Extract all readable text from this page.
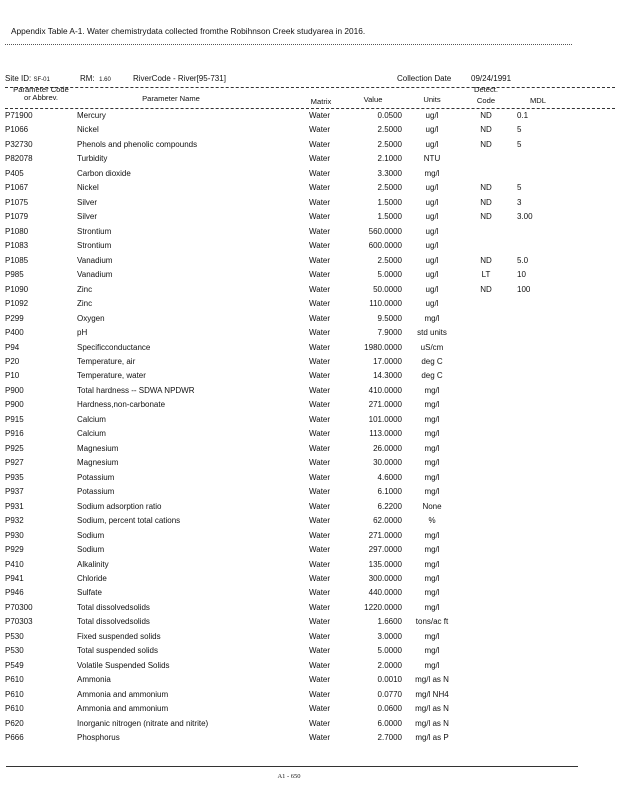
Appendix Table A-1. Water chemistrydata collected fromthe Robihnson Creek studyarea in 2016.
Site ID: SF-01	RM: 1.60	RiverCode - River[95-731]	Collection Date 09/24/1991
Parameter Code
or Abbrev.	Parameter Name	Matrix	Value	Units
Detect.
Code	MDL
P71900	Mercury	Water	0.0500	ug/l	ND	0.1
P1066	Nickel	Water	2.5000	ug/l	ND	5
P32730	Phenols and phenolic compounds	Water	2.5000	ug/l	ND	5
P82078	Turbidity	Water	2.1000	NTU
P405	Carbon dioxide	Water	3.3000	mg/l
P1067	Nickel	Water	2.5000	ug/l	ND	5
P1075	Silver	Water	1.5000	ug/l	ND	3
P1079	Silver	Water	1.5000	ug/l	ND	3.00
P1080	Strontium	Water	560.0000	ug/l
P1083	Strontium	Water	600.0000	ug/l
P1085	Vanadium	Water	2.5000	ug/l	ND	5.0
P985	Vanadium	Water	5.0000	ug/l	LT	10
P1090	Zinc	Water	50.0000	ug/l	ND	100
P1092	Zinc	Water	110.0000	ug/l
P299	Oxygen	Water	9.5000	mg/l
P400	pH	Water	7.9000 std units
P94	Specificconductance	Water	1980.0000 uS/cm
P20	Temperature, air	Water	17.0000 deg C
P10	Temperature, water	Water	14.3000 deg C
P900	Total hardness -- SDWA NPDWR	Water	410.0000	mg/l
P900	Hardness,non-carbonate	Water	271.0000	mg/l
P915	Calcium	Water	101.0000	mg/l
P916	Calcium	Water	113.0000	mg/l
P925	Magnesium	Water	26.0000	mg/l
P927	Magnesium	Water	30.0000	mg/l
P935	Potassium	Water	4.6000	mg/l
P937	Potassium	Water	6.1000	mg/l
P931	Sodium adsorption ratio	Water	6.2200	None
P932	Sodium, percent total cations	Water	62.0000	%
P930	Sodium	Water	271.0000	mg/l
P929	Sodium	Water	297.0000	mg/l
P410	Alkalinity	Water	135.0000	mg/l
P941	Chloride	Water	300.0000	mg/l
P946	Sulfate	Water	440.0000	mg/l
P70300	Total dissolvedsolids	Water	1220.0000	mg/l
P70303	Total dissolvedsolids	Water	1.6600 tons/ac ft
P530	Fixed suspended solids	Water	3.0000	mg/l
P530	Total suspended solids	Water	5.0000	mg/l
P549	Volatile Suspended Solids	Water	2.0000	mg/l
P610	Ammonia	Water	0.0010 mg/l as N
P610	Ammonia and ammonium	Water	0.0770 mg/l NH4
P610	Ammonia and ammonium	Water	0.0600 mg/l as N
P620	Inorganic nitrogen (nitrate and nitrite)	Water	6.0000 mg/l as N
P666	Phosphorus	Water	2.7000 mg/l as P
A1 - 650
